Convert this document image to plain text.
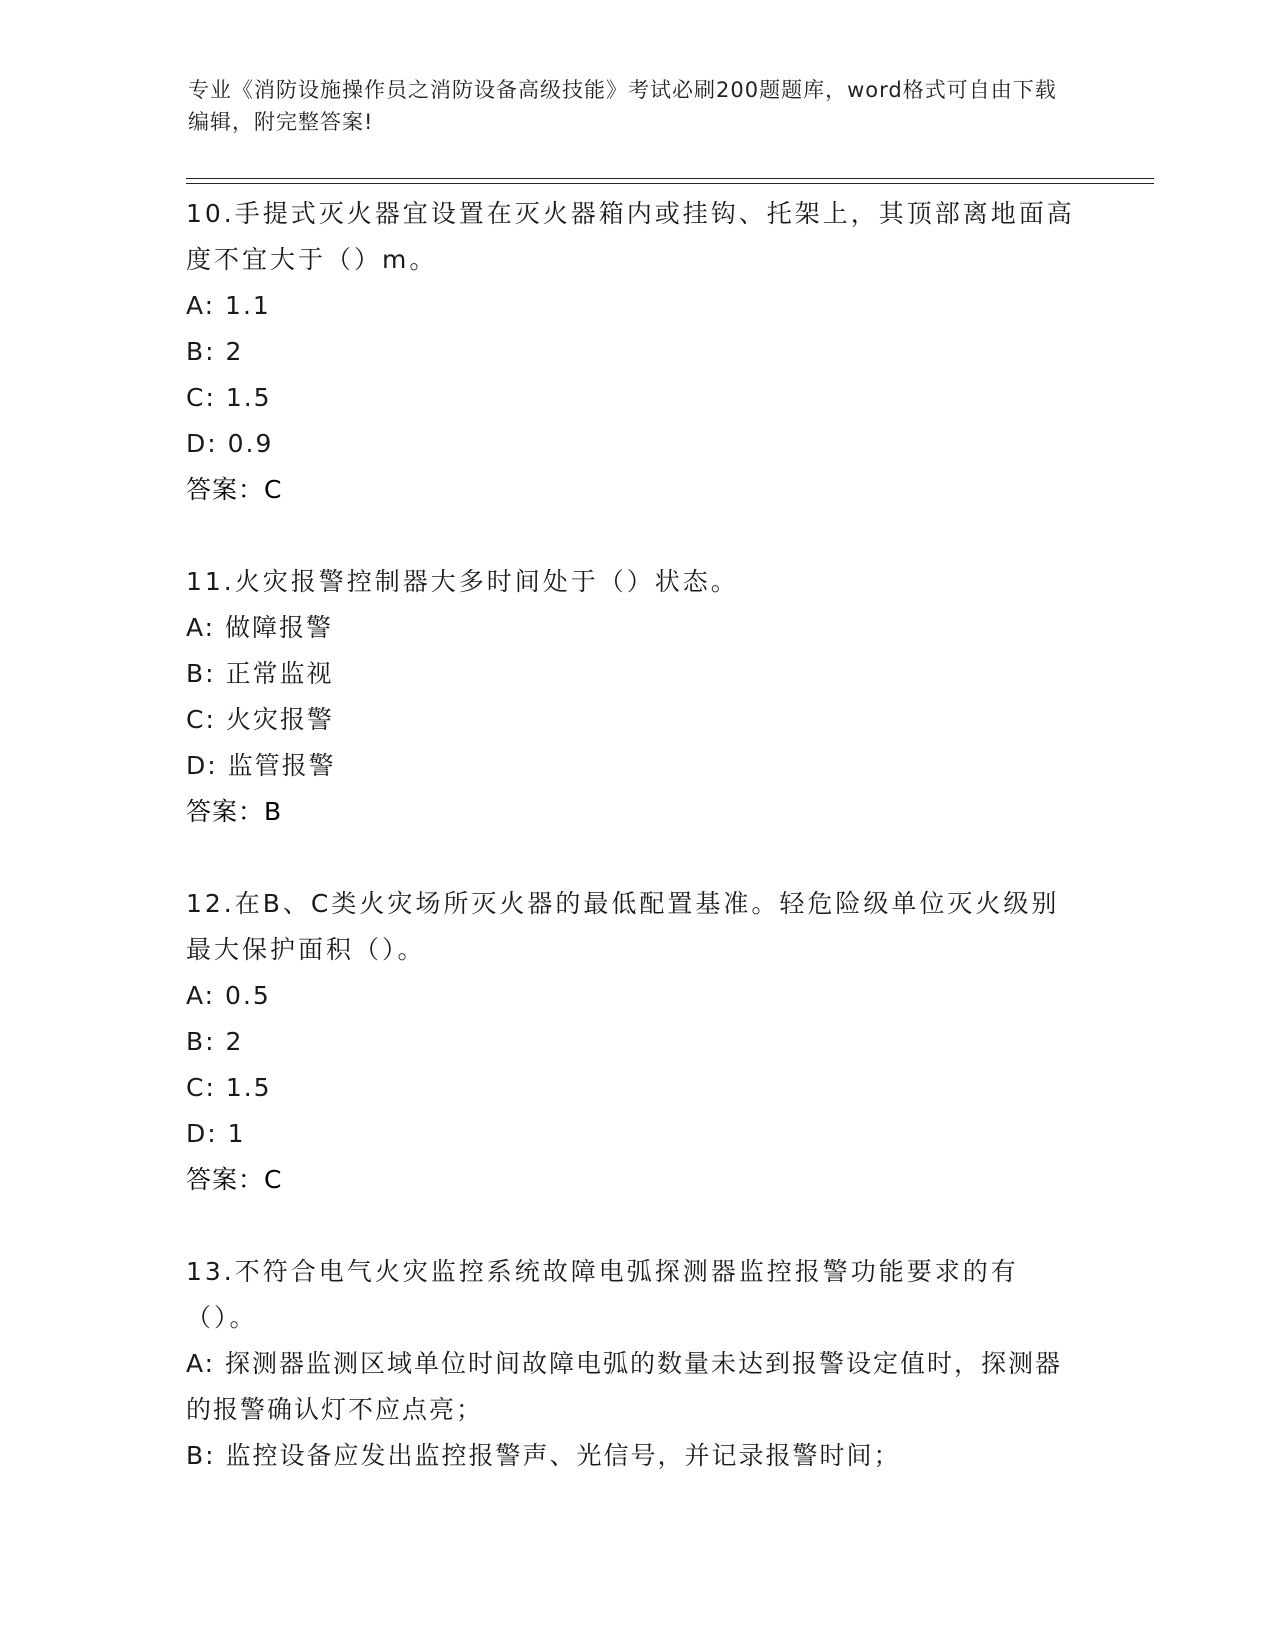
专业《消防设施操作员之消防设备高级技能》考试必刷200题题库，word格式可自由下载编辑，附完整答案!

10.手提式灭火器宜设置在灭火器箱内或挂钩、托架上，其顶部离地面高度不宜大于（）m。

A: 1.1

B: 2

C: 1.5

D: 0.9

答案：C

11.火灾报警控制器大多时间处于（）状态。

A: 做障报警

B: 正常监视

C: 火灾报警

D: 监管报警

答案：B

12.在B、C类火灾场所灭火器的最低配置基准。轻危险级单位灭火级别最大保护面积（）。

A: 0.5

B: 2

C: 1.5

D: 1

答案：C

13.不符合电气火灾监控系统故障电弧探测器监控报警功能要求的有（）。

A: 探测器监测区域单位时间故障电弧的数量未达到报警设定值时，探测器的报警确认灯不应点亮；

B: 监控设备应发出监控报警声、光信号，并记录报警时间；
